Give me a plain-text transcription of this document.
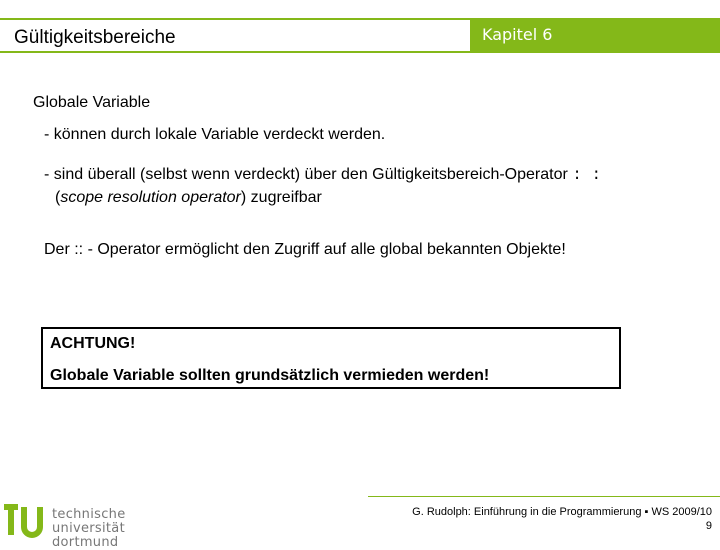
Gültigkeitsbereiche	Kapitel 6
Globale Variable
- können durch lokale Variable verdeckt werden.
- sind überall (selbst wenn verdeckt) über den Gültigkeitsbereich-Operator : :
(scope resolution operator) zugreifbar
Der :: - Operator ermöglicht den Zugriff auf alle global bekannten Objekte!
ACHTUNG!
Globale Variable sollten grundsätzlich vermieden werden!
technische universität
dortmund
G. Rudolph: Einführung in die Programmierung ▪ WS 2009/10
9
